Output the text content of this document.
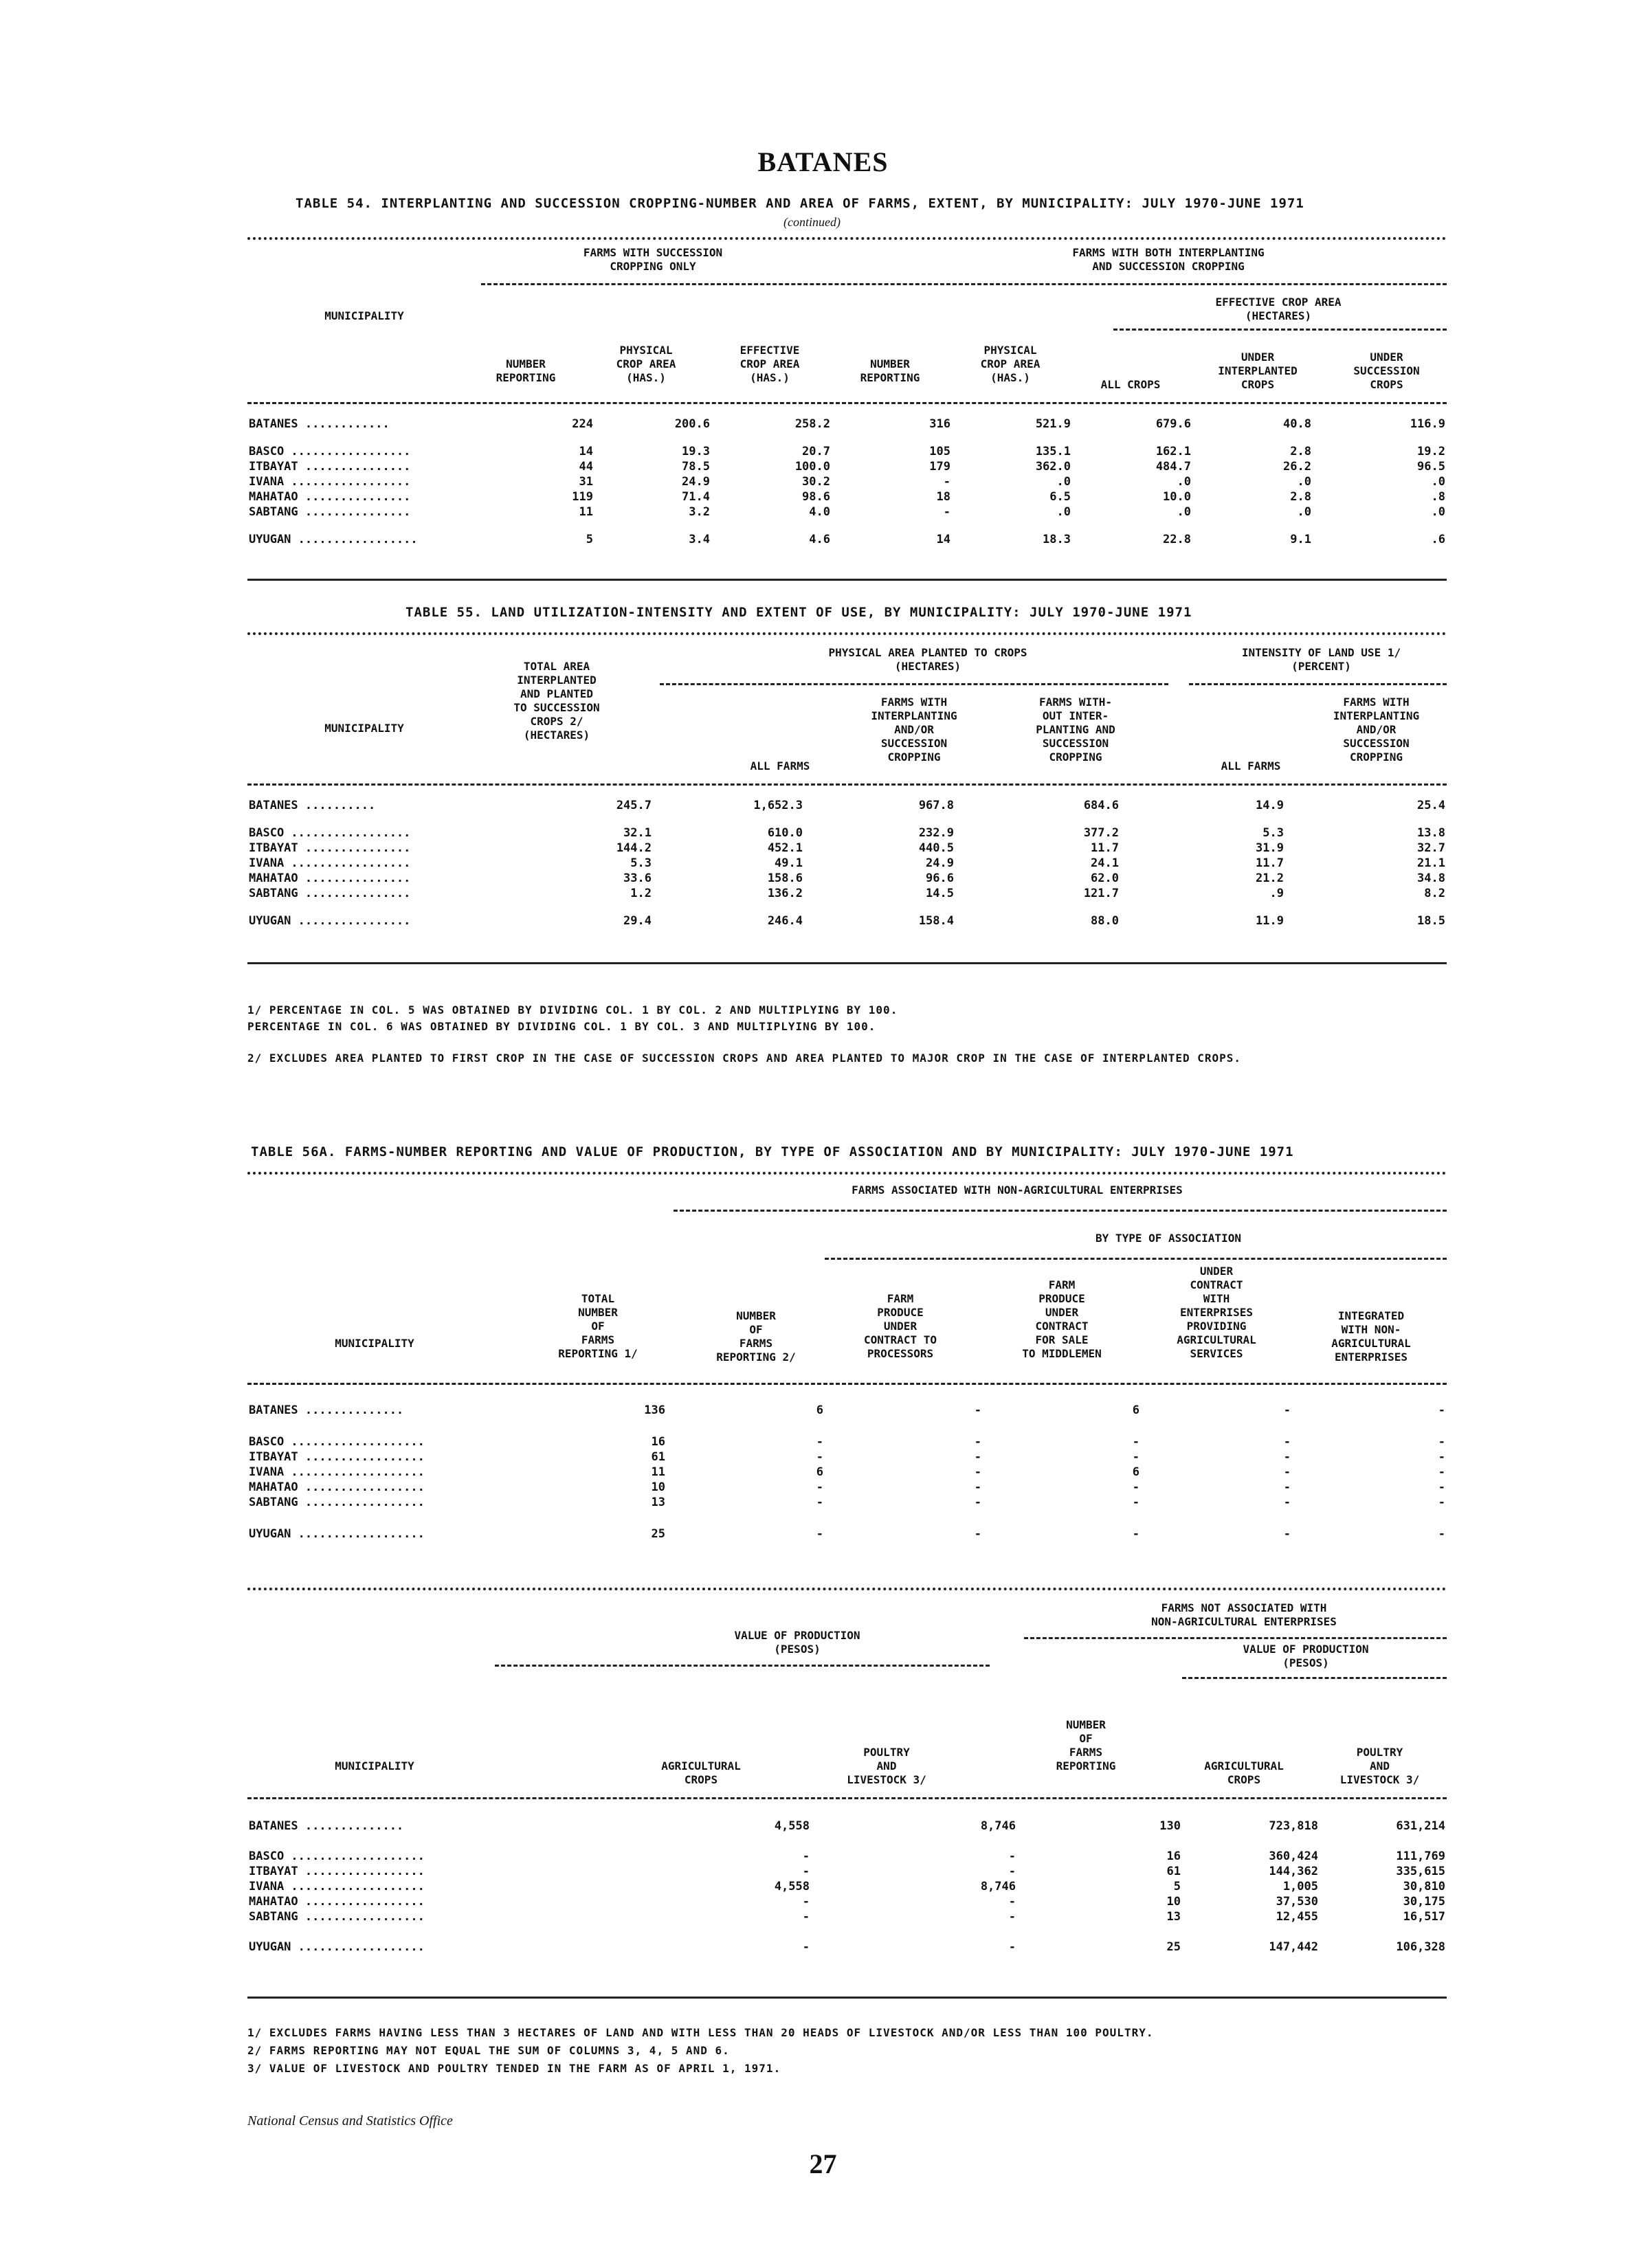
BATANES
TABLE 54. INTERPLANTING AND SUCCESSION CROPPING-NUMBER AND AREA OF FARMS, EXTENT, BY MUNICIPALITY: JULY 1970-JUNE 1971
(continued)
FARMS WITH SUCCESSION
CROPPING ONLY
FARMS WITH BOTH INTERPLANTING
AND SUCCESSION CROPPING
EFFECTIVE CROP AREA
(HECTARES)
MUNICIPALITY
NUMBER
REPORTING
PHYSICAL
CROP AREA
(HAS.)
EFFECTIVE
CROP AREA
(HAS.)
NUMBER
REPORTING
PHYSICAL
CROP AREA
(HAS.)
ALL CROPS
UNDER
INTERPLANTED
CROPS
UNDER
SUCCESSION
CROPS
BATANES ............	224	200.6	258.2	316	521.9	679.6	40.8	116.9

BASCO .................	14	19.3	20.7	105	135.1	162.1	2.8	19.2
ITBAYAT ...............	44	78.5	100.0	179	362.0	484.7	26.2	96.5
IVANA .................	31	24.9	30.2	-	.0	.0	.0	.0
MAHATAO ...............	119	71.4	98.6	18	6.5	10.0	2.8	.8
SABTANG ...............	11	3.2	4.0	-	.0	.0	.0	.0

UYUGAN .................	5	3.4	4.6	14	18.3	22.8	9.1	.6
TABLE 55. LAND UTILIZATION-INTENSITY AND EXTENT OF USE, BY MUNICIPALITY: JULY 1970-JUNE 1971
PHYSICAL AREA PLANTED TO CROPS
(HECTARES)
INTENSITY OF LAND USE 1/
(PERCENT)
TOTAL AREA
INTERPLANTED
AND PLANTED
TO SUCCESSION
CROPS 2/
(HECTARES)
MUNICIPALITY
ALL FARMS
FARMS WITH
INTERPLANTING
AND/OR
SUCCESSION
CROPPING
FARMS WITH-
OUT INTER-
PLANTING AND
SUCCESSION
CROPPING
ALL FARMS
FARMS WITH
INTERPLANTING
AND/OR
SUCCESSION
CROPPING
BATANES ..........	245.7	1,652.3	967.8	684.6	14.9	25.4

BASCO .................	32.1	610.0	232.9	377.2	5.3	13.8
ITBAYAT ...............	144.2	452.1	440.5	11.7	31.9	32.7
IVANA .................	5.3	49.1	24.9	24.1	11.7	21.1
MAHATAO ...............	33.6	158.6	96.6	62.0	21.2	34.8
SABTANG ...............	1.2	136.2	14.5	121.7	.9	8.2

UYUGAN ................	29.4	246.4	158.4	88.0	11.9	18.5
1/ PERCENTAGE IN COL. 5 WAS OBTAINED BY DIVIDING COL. 1 BY COL. 2 AND MULTIPLYING BY 100.
PERCENTAGE IN COL. 6 WAS OBTAINED BY DIVIDING COL. 1 BY COL. 3 AND MULTIPLYING BY 100.
2/ EXCLUDES AREA PLANTED TO FIRST CROP IN THE CASE OF SUCCESSION CROPS AND AREA PLANTED TO MAJOR CROP IN THE CASE OF INTERPLANTED CROPS.
TABLE 56A. FARMS-NUMBER REPORTING AND VALUE OF PRODUCTION, BY TYPE OF ASSOCIATION AND BY MUNICIPALITY: JULY 1970-JUNE 1971
FARMS ASSOCIATED WITH NON-AGRICULTURAL ENTERPRISES
BY TYPE OF ASSOCIATION
MUNICIPALITY
TOTAL
NUMBER
OF
FARMS
REPORTING 1/
NUMBER
OF
FARMS
REPORTING 2/
FARM
PRODUCE
UNDER
CONTRACT TO
PROCESSORS
FARM
PRODUCE
UNDER
CONTRACT
FOR SALE
TO MIDDLEMEN
UNDER
CONTRACT
WITH
ENTERPRISES
PROVIDING
AGRICULTURAL
SERVICES
INTEGRATED
WITH NON-
AGRICULTURAL
ENTERPRISES
BATANES ..............	136	6	-	6	-	-

BASCO ...................	16	-	-	-	-	-
ITBAYAT .................	61	-	-	-	-	-
IVANA ...................	11	6	-	6	-	-
MAHATAO .................	10	-	-	-	-	-
SABTANG .................	13	-	-	-	-	-

UYUGAN ..................	25	-	-	-	-	-
FARMS NOT ASSOCIATED WITH
NON-AGRICULTURAL ENTERPRISES
VALUE OF PRODUCTION
(PESOS)	VALUE OF PRODUCTION
(PESOS)
MUNICIPALITY	AGRICULTURAL
CROPS
POULTRY
AND
LIVESTOCK 3/
NUMBER
OF
FARMS
REPORTING	AGRICULTURAL
CROPS
POULTRY
AND
LIVESTOCK 3/
BATANES ..............	4,558	8,746	130	723,818	631,214

BASCO ...................	-	-	16	360,424	111,769
ITBAYAT .................	-	-	61	144,362	335,615
IVANA ...................	4,558	8,746	5	1,005	30,810
MAHATAO .................	-	-	10	37,530	30,175
SABTANG .................	-	-	13	12,455	16,517

UYUGAN ..................	-	-	25	147,442	106,328
1/ EXCLUDES FARMS HAVING LESS THAN 3 HECTARES OF LAND AND WITH LESS THAN 20 HEADS OF LIVESTOCK AND/OR LESS THAN 100 POULTRY.
2/ FARMS REPORTING MAY NOT EQUAL THE SUM OF COLUMNS 3, 4, 5 AND 6.
3/ VALUE OF LIVESTOCK AND POULTRY TENDED IN THE FARM AS OF APRIL 1, 1971.
National Census and Statistics Office
27
